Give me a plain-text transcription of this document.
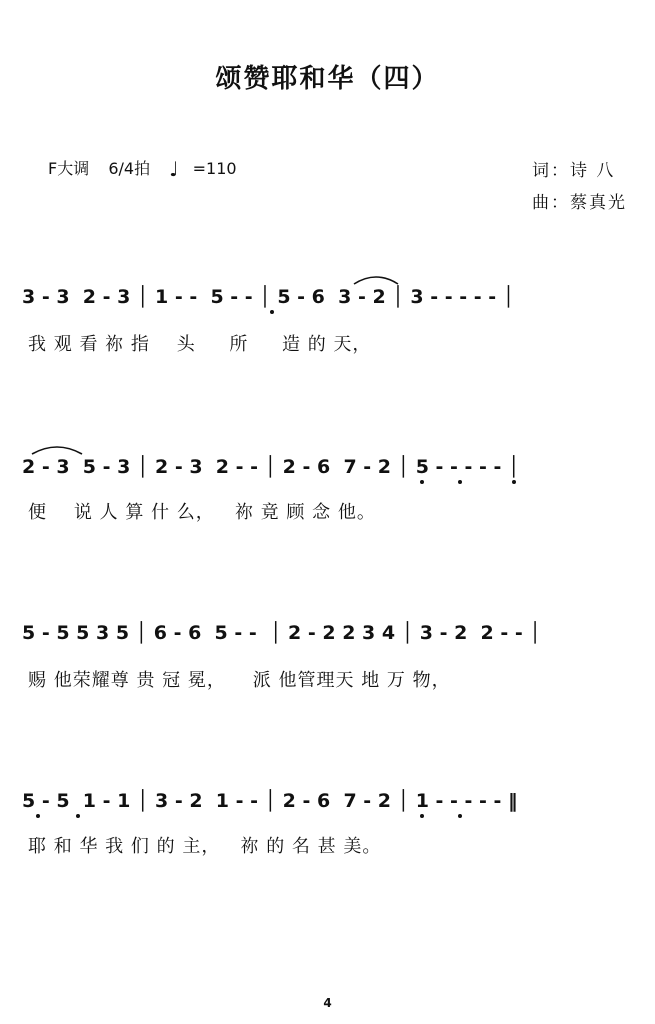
颂赞耶和华（四）
F大调 6/4拍 ♩ =110	词：诗 八
曲：蔡真光
3 - 3  2 - 3 │ 1 - -  5 - - │ 5 - 6  3 - 2 │ 3 - - - - - │
我 观 看 祢 指    头     所     造 的 天，
2 - 3  5 - 3 │ 2 - 3  2 - - │ 2 - 6  7 - 2 │ 5 - - - - - │
便    说 人 算 什 么，   祢 竟 顾 念 他。
5 - 5 5 3 5 │ 6 - 6  5 - -  │ 2 - 2 2 3 4 │ 3 - 2  2 - - │
赐 他荣耀尊 贵 冠 冕，    派 他管理天 地 万 物，
5 - 5  1 - 1 │ 3 - 2  1 - - │ 2 - 6  7 - 2 │ 1 - - - - - ‖
耶 和 华 我 们 的 主，   祢 的 名 甚 美。
4
